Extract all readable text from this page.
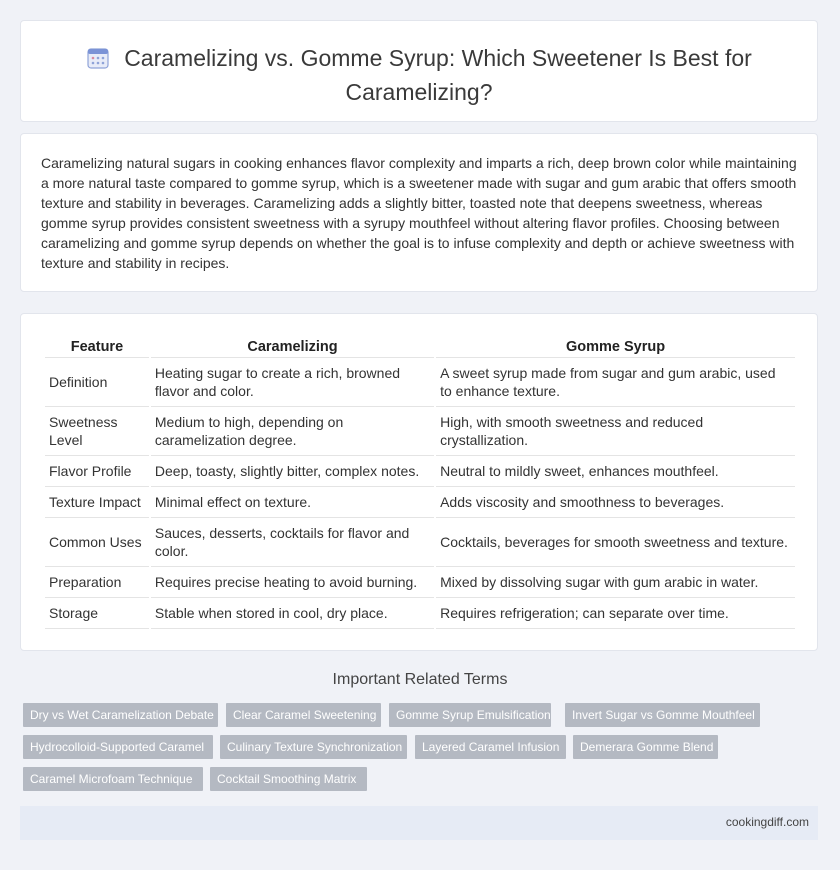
Caramelizing vs. Gomme Syrup: Which Sweetener Is Best for
Caramelizing?
Caramelizing natural sugars in cooking enhances flavor complexity and imparts a rich, deep brown color while maintaining a more natural taste compared to gomme syrup, which is a sweetener made with sugar and gum arabic that offers smooth texture and stability in beverages. Caramelizing adds a slightly bitter, toasted note that deepens sweetness, whereas gomme syrup provides consistent sweetness with a syrupy mouthfeel without altering flavor profiles. Choosing between caramelizing and gomme syrup depends on whether the goal is to infuse complexity and depth or achieve sweetness with texture and stability in recipes.
Feature	Caramelizing	Gomme Syrup
Definition	Heating sugar to create a rich, browned flavor and color.	A sweet syrup made from sugar and gum arabic, used to enhance texture.
Sweetness Level	Medium to high, depending on caramelization degree.	High, with smooth sweetness and reduced crystallization.
Flavor Profile	Deep, toasty, slightly bitter, complex notes.	Neutral to mildly sweet, enhances mouthfeel.
Texture Impact	Minimal effect on texture.	Adds viscosity and smoothness to beverages.
Common Uses	Sauces, desserts, cocktails for flavor and color.	Cocktails, beverages for smooth sweetness and texture.
Preparation	Requires precise heating to avoid burning.	Mixed by dissolving sugar with gum arabic in water.
Storage	Stable when stored in cool, dry place.	Requires refrigeration; can separate over time.
Important Related Terms
Dry vs Wet Caramelization Debate	Clear Caramel Sweetening	Gomme Syrup Emulsification	Invert Sugar vs Gomme Mouthfeel
Hydrocolloid-Supported Caramel	Culinary Texture Synchronization	Layered Caramel Infusion	Demerara Gomme Blend
Caramel Microfoam Technique	Cocktail Smoothing Matrix
cookingdiff.com
